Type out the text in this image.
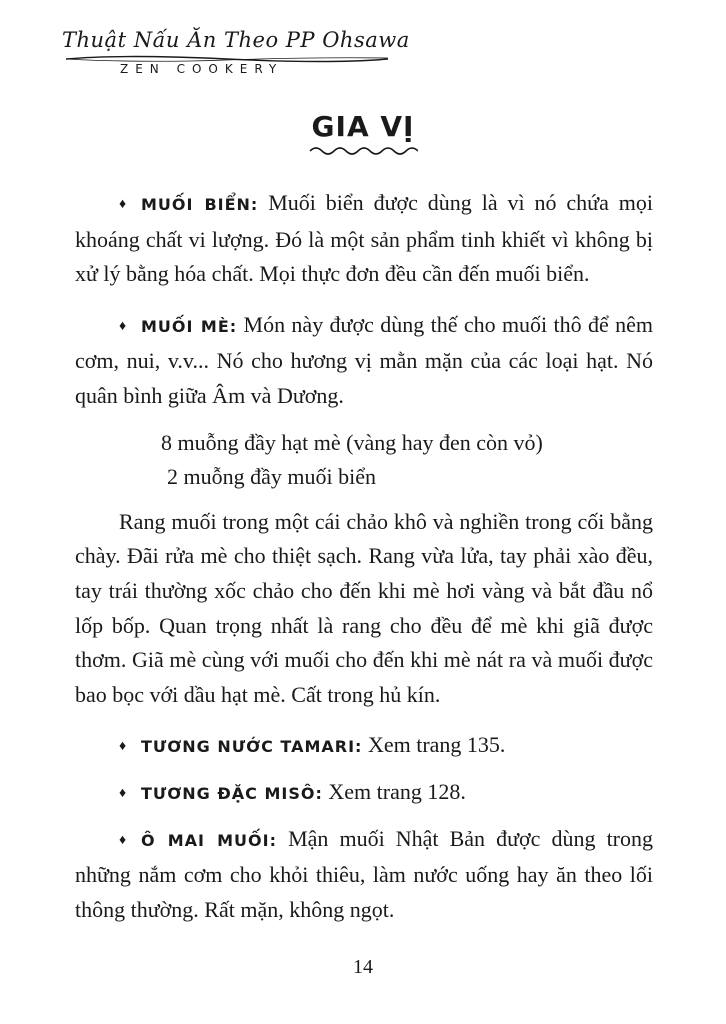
Thuật Nấu Ăn Theo PP Ohsawa
ZEN COOKERY
GIA VỊ

♦ MUỐI BIỂN: Muối biển được dùng là vì nó chứa mọi khoáng chất vi lượng. Đó là một sản phẩm tinh khiết vì không bị xử lý bằng hóa chất. Mọi thực đơn đều cần đến muối biển.

♦ MUỐI MÈ: Món này được dùng thế cho muối thô để nêm cơm, nui, v.v... Nó cho hương vị mằn mặn của các loại hạt. Nó quân bình giữa Âm và Dương.

8 muỗng đầy hạt mè (vàng hay đen còn vỏ)
2 muỗng đầy muối biển

Rang muối trong một cái chảo khô và nghiền trong cối bằng chày. Đãi rửa mè cho thiệt sạch. Rang vừa lửa, tay phải xào đều, tay trái thường xốc chảo cho đến khi mè hơi vàng và bắt đầu nổ lốp bốp. Quan trọng nhất là rang cho đều để mè khi giã được thơm. Giã mè cùng với muối cho đến khi mè nát ra và muối được bao bọc với dầu hạt mè. Cất trong hủ kín.

♦ TƯƠNG NƯỚC TAMARI: Xem trang 135.

♦ TƯƠNG ĐẶC MISÔ: Xem trang 128.

♦ Ô MAI MUỐI: Mận muối Nhật Bản được dùng trong những nắm cơm cho khỏi thiêu, làm nước uống hay ăn theo lối thông thường. Rất mặn, không ngọt.

14
